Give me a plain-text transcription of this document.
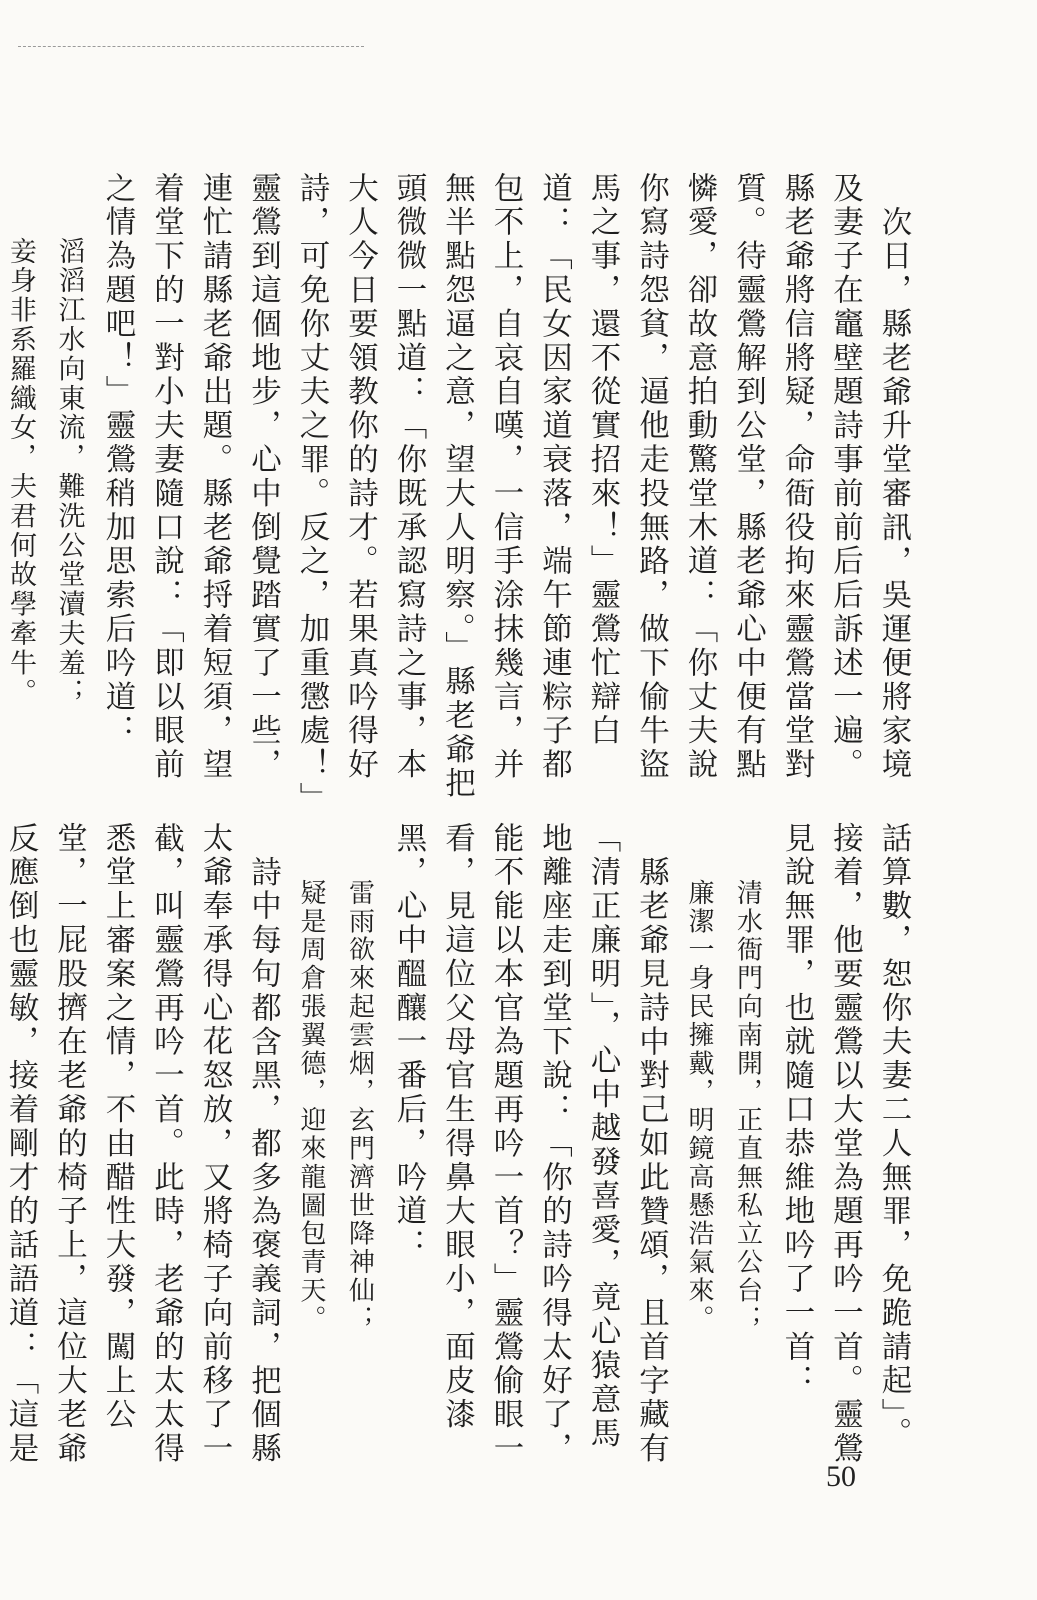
次日，縣老爺升堂審訊，吳運便將家境及妻子在竈壁題詩事前前后后訴述一遍。縣老爺將信將疑，命衙役拘來靈鶯當堂對質。待靈鶯解到公堂，縣老爺心中便有點憐愛，卻故意拍動驚堂木道：「你丈夫說你寫詩怨貧，逼他走投無路，做下偷牛盜馬之事，還不從實招來！」靈鶯忙辯白道：「民女因家道衰落，端午節連粽子都包不上，自哀自嘆，一信手涂抹幾言，并無半點怨逼之意，望大人明察。」縣老爺把頭微微一點道：「你既承認寫詩之事，本大人今日要領教你的詩才。若果真吟得好詩，可免你丈夫之罪。反之，加重懲處！」靈鶯到這個地步，心中倒覺踏實了一些，連忙請縣老爺出題。縣老爺捋着短須，望着堂下的一對小夫妻隨口說：「即以眼前之情為題吧！」靈鶯稍加思索后吟道：

滔滔江水向東流，難洗公堂瀆夫羞；

妾身非系羅織女，夫君何故學牽牛。

話算數，恕你夫妻二人無罪，免跪請起」。接着，他要靈鶯以大堂為題再吟一首。靈鶯見說無罪，也就隨口恭維地吟了一首：

清水衙門向南開，正直無私立公台；

廉潔一身民擁戴，明鏡高懸浩氣來。

縣老爺見詩中對己如此贊頌，且首字藏有「清正廉明」，心中越發喜愛，竟心猿意馬地離座走到堂下說：「你的詩吟得太好了，能不能以本官為題再吟一首？」靈鶯偷眼一看，見這位父母官生得鼻大眼小，面皮漆黑，心中醞釀一番后，吟道：

雷雨欲來起雲烟，玄門濟世降神仙；

疑是周倉張翼德，迎來龍圖包青天。

詩中每句都含黑，都多為褒義詞，把個縣太爺奉承得心花怒放，又將椅子向前移了一截，叫靈鶯再吟一首。此時，老爺的太太得悉堂上審案之情，不由醋性大發，闖上公堂，一屁股擠在老爺的椅子上，這位大老爺反應倒也靈敏，接着剛才的話語道：「這是

50
